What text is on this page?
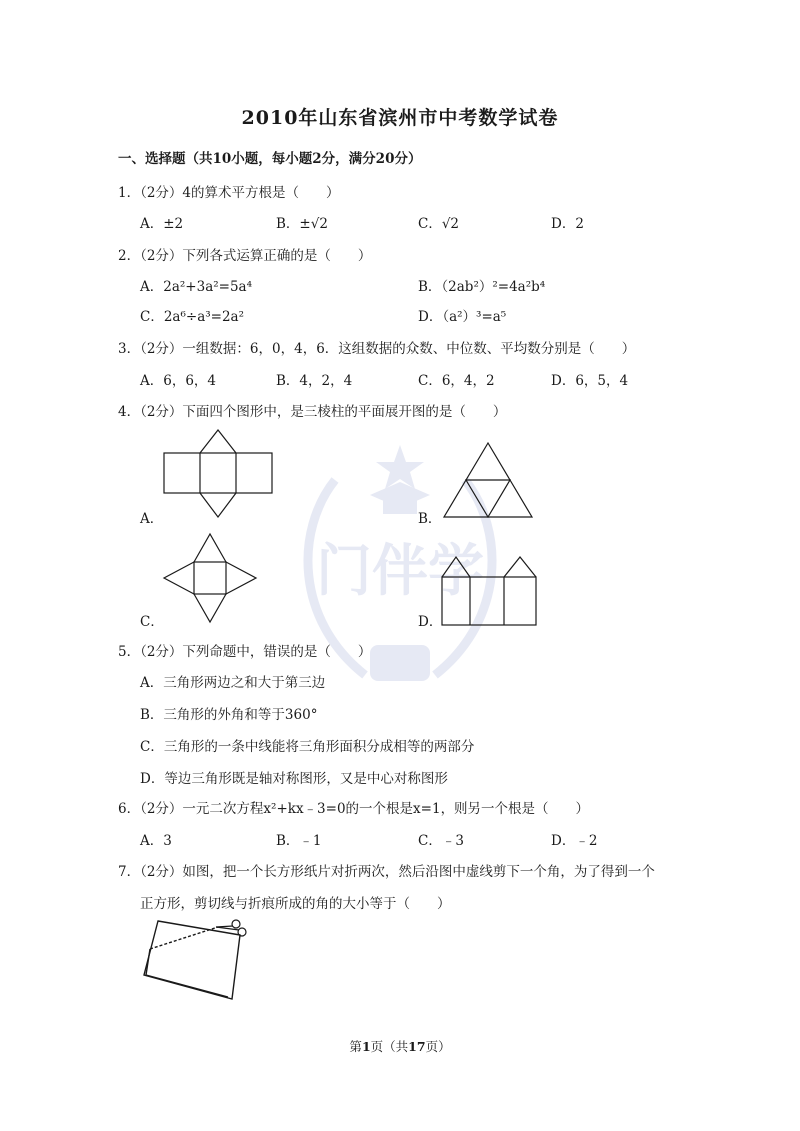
门伴学
2010年山东省滨州市中考数学试卷
一、选择题（共10小题，每小题2分，满分20分）
1．（2分）4的算术平方根是（　　）
A．±2	B．±√2	C．√2	D．2
2．（2分）下列各式运算正确的是（　　）
A．2a²+3a²=5a⁴	B．（2ab²）²=4a²b⁴
C．2a⁶÷a³=2a²	D．（a²）³=a⁵
3．（2分）一组数据：6，0，4，6．这组数据的众数、中位数、平均数分别是（　　）
A．6，6，4	B．4，2，4	C．6，4，2	D．6，5，4
4．（2分）下面四个图形中，是三棱柱的平面展开图的是（　　）
A．	B．
C．	D．
5．（2分）下列命题中，错误的是（　　）
A．三角形两边之和大于第三边
B．三角形的外角和等于360°
C．三角形的一条中线能将三角形面积分成相等的两部分
D．等边三角形既是轴对称图形，又是中心对称图形
6．（2分）一元二次方程x²+kx﹣3=0的一个根是x=1，则另一个根是（　　）
A．3	B．﹣1	C．﹣3	D．﹣2
7．（2分）如图，把一个长方形纸片对折两次，然后沿图中虚线剪下一个角，为了得到一个
正方形，剪切线与折痕所成的角的大小等于（　　）
第1页（共17页）
